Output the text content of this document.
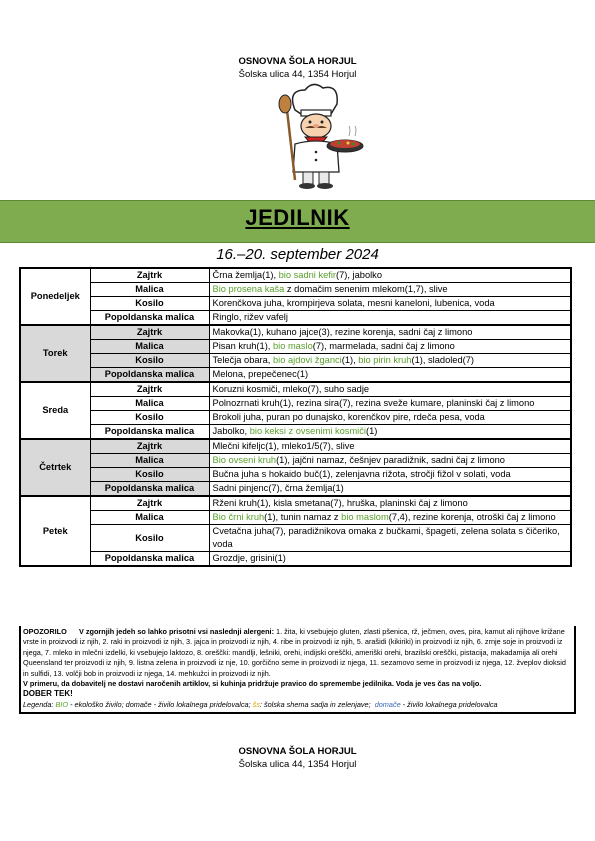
OSNOVNA ŠOLA HORJUL
Šolska ulica 44, 1354 Horjul
JEDILNIK
16.–20. september 2024
Ponedeljek	Zajtrk	Črna žemlja(1), bio sadni kefir(7), jabolko
	Malica	Bio prosena kaša z domačim senenim mlekom(1,7), slive
	Kosilo	Korenčkova juha, krompirjeva solata, mesni kaneloni, lubenica, voda
	Popoldanska malica	Ringlo, rižev vafelj
Torek	Zajtrk	Makovka(1), kuhano jajce(3), rezine korenja, sadni čaj z limono
	Malica	Pisan kruh(1), bio maslo(7), marmelada, sadni čaj z limono
	Kosilo	Telečja obara, bio ajdovi žganci(1), bio pirin kruh(1), sladoled(7)
	Popoldanska malica	Melona, prepečenec(1)
Sreda	Zajtrk	Koruzni kosmiči, mleko(7), suho sadje
	Malica	Polnozrnati kruh(1), rezina sira(7), rezina sveže kumare, planinski čaj z limono
	Kosilo	Brokoli juha, puran po dunajsko, korenčkov pire, rdeča pesa, voda
	Popoldanska malica	Jabolko, bio keksi z ovsenimi kosmiči(1)
Četrtek	Zajtrk	Mlečni kifeljc(1), mleko1/5(7), slive
	Malica	Bio ovseni kruh(1), jajčni namaz, češnjev paradižnik, sadni čaj z limono
	Kosilo	Bučna juha s hokaido buč(1), zelenjavna rižota, stročji fižol v solati, voda
	Popoldanska malica	Sadni pinjenc(7), črna žemlja(1)
Petek	Zajtrk	Rženi kruh(1), kisla smetana(7), hruška, planinski čaj z limono
	Malica	Bio črni kruh(1), tunin namaz z bio maslom(7,4), rezine korenja, otroški čaj z limono
	Kosilo	Cvetačna juha(7), paradižnikova omaka z bučkami, špageti, zelena solata s čičeriko, voda
	Popoldanska malica	Grozdje, grisini(1)
OPOZORILO V zgornjih jedeh so lahko prisotni vsi naslednji alergeni: 1. žita, ki vsebujejo gluten, zlasti pšenica, rž, ječmen, oves, pira, kamut ali njihove križane vrste in proizvodi iz njih, 2. raki in proizvodi iz njih, 3. jajca in proizvodi iz njih, 4. ribe in proizvodi iz njih, 5. arašidi (kikiriki) in proizvodi iz njih, 6. zrnje soje in proizvodi iz njega, 7. mleko in mlečni izdelki, ki vsebujejo laktozo, 8. oreščki: mandlji, lešniki, orehi, indijski oreščki, ameriški orehi, brazilski oreščki, pistacija, makadamija ali orehi Queensland ter proizvodi iz njih, 9. listna zelena in proizvodi iz nje, 10. gorčično seme in proizvodi iz njega, 11. sezamovo seme in proizvodi iz njega, 12. žveplov dioksid in sulfidi, 13. volčji bob in proizvodi iz njega, 14. mehkužci in proizvodi iz njih.
V primeru, da dobavitelj ne dostavi naročenih artiklov, si kuhinja pridržuje pravico do spremembe jedilnika. Voda je ves čas na voljo.
DOBER TEK!
Legenda: BIO - ekološko živilo; domače - živilo lokalnega pridelovalca; šs: šolska shema sadja in zelenjave; domače - živilo lokalnega pridelovalca
OSNOVNA ŠOLA HORJUL
Šolska ulica 44, 1354 Horjul
